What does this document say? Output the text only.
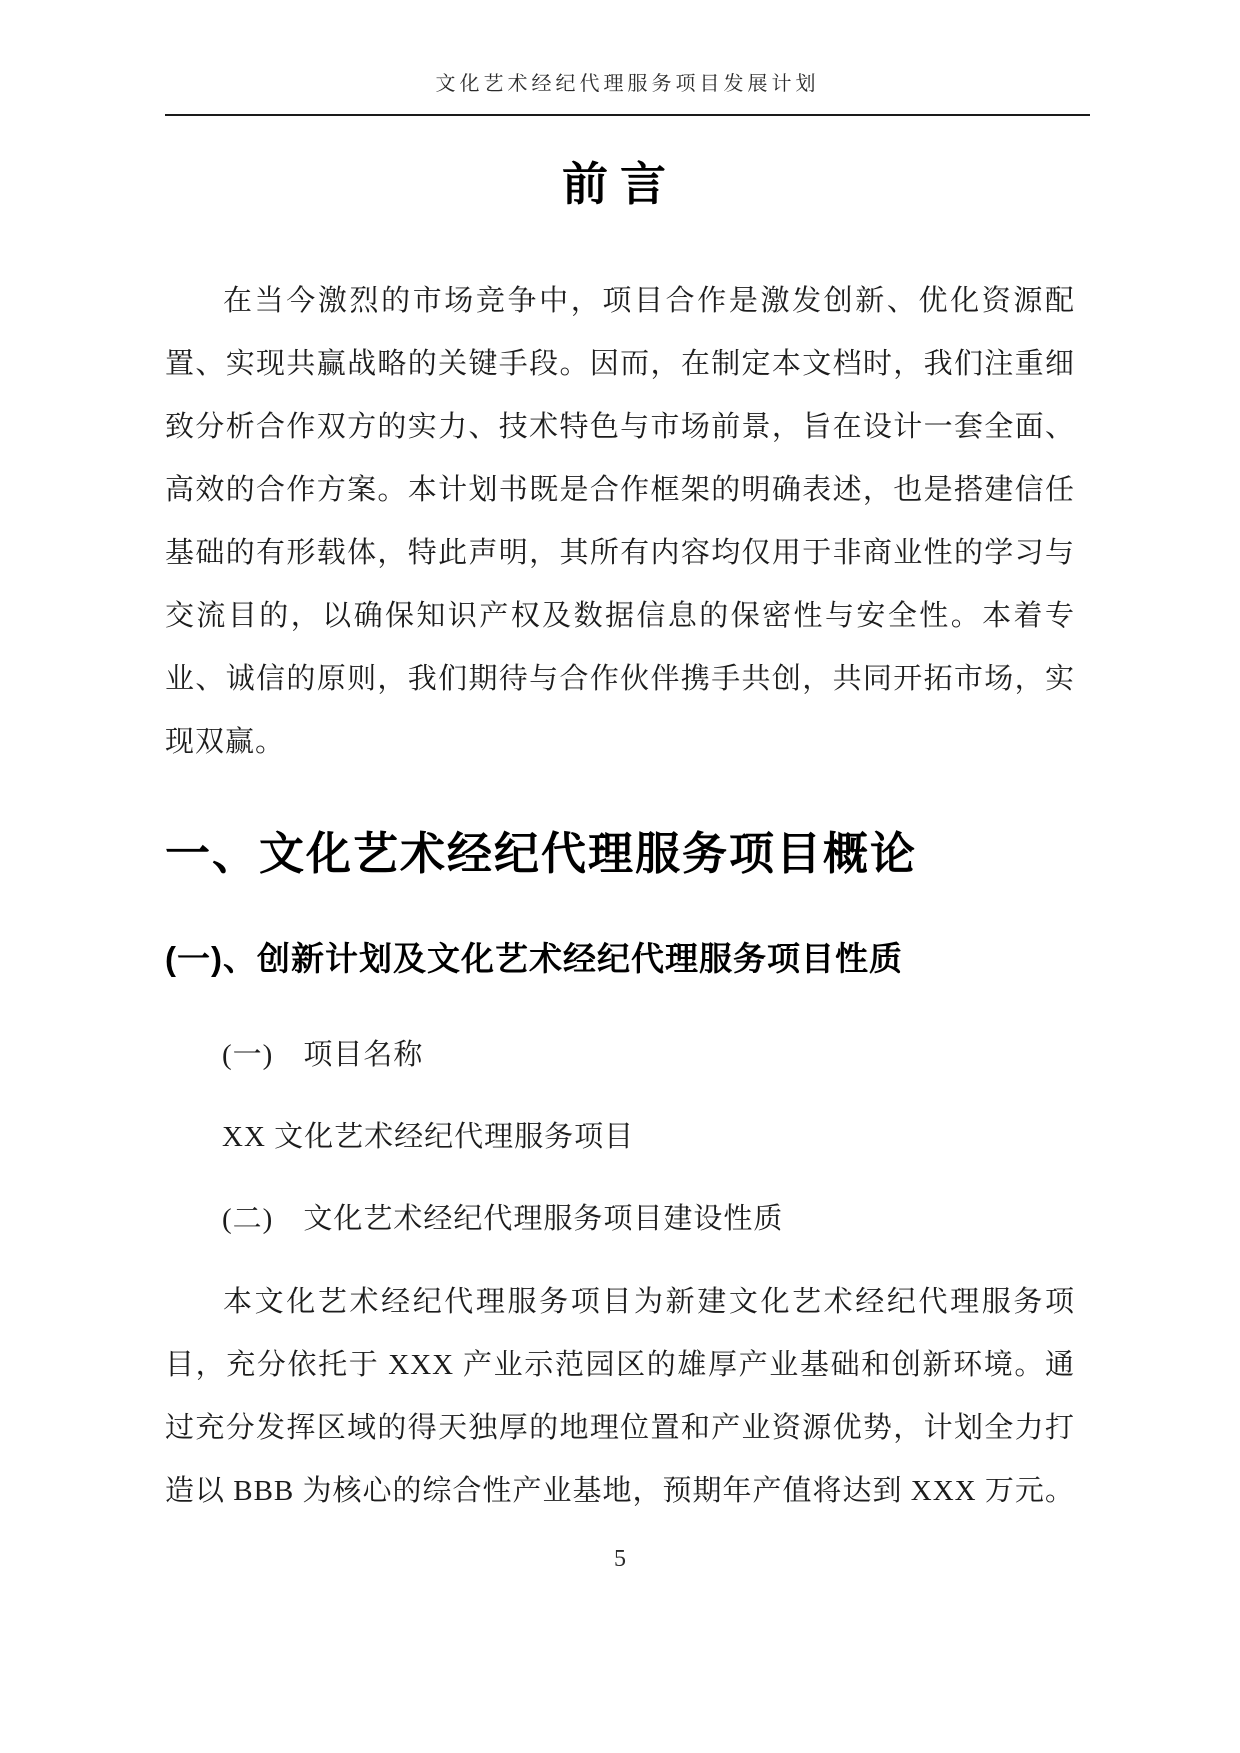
文化艺术经纪代理服务项目发展计划
前言

在当今激烈的市场竞争中，项目合作是激发创新、优化资源配置、实现共赢战略的关键手段。因而，在制定本文档时，我们注重细致分析合作双方的实力、技术特色与市场前景，旨在设计一套全面、高效的合作方案。本计划书既是合作框架的明确表述，也是搭建信任基础的有形载体，特此声明，其所有内容均仅用于非商业性的学习与交流目的，以确保知识产权及数据信息的保密性与安全性。本着专业、诚信的原则，我们期待与合作伙伴携手共创，共同开拓市场，实现双赢。

一、文化艺术经纪代理服务项目概论
(一)、创新计划及文化艺术经纪代理服务项目性质

(一)　项目名称

XX 文化艺术经纪代理服务项目

(二)　文化艺术经纪代理服务项目建设性质

本文化艺术经纪代理服务项目为新建文化艺术经纪代理服务项目，充分依托于 XXX 产业示范园区的雄厚产业基础和创新环境。通过充分发挥区域的得天独厚的地理位置和产业资源优势，计划全力打造以 BBB 为核心的综合性产业基地，预期年产值将达到 XXX 万元。

5
